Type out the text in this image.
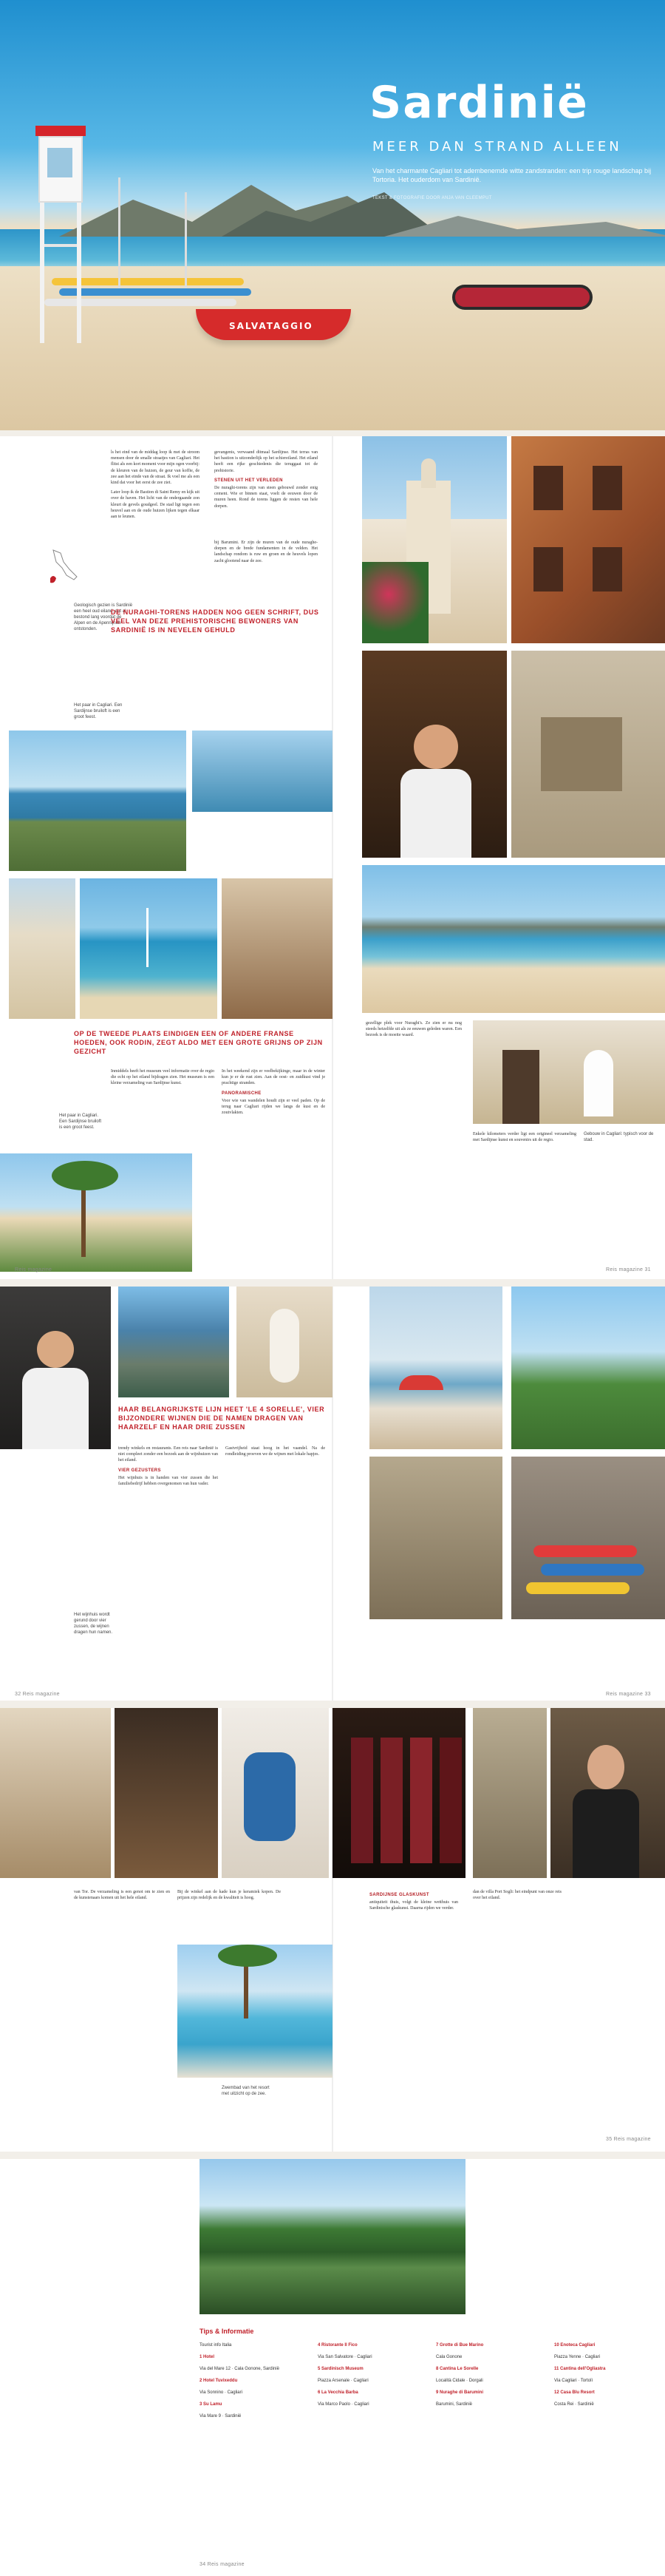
SALVATAGGIO
Sardinië
MEER DAN STRAND ALLEEN
Van het charmante Cagliari tot adembenemde witte zandstranden: een trip rouge landschap bij Tortoria. Het ouderdom van Sardinië.
TEKST & FOTOGRAFIE DOOR ANJA VAN CLEEMPUT

ls het eind van de middag loop ik met de stroom mensen door de smalle straatjes van Cagliari. Het flitst als een kort moment voor mijn ogen voorbij: de kleuren van de huizen, de geur van koffie, de zee aan het einde van de straat. Ik voel me als een kind dat voor het eerst de zee ziet.

Later loop ik de Bastion di Saint Remy en kijk uit over de haven. Het licht van de ondergaande zon kleurt de gevels goudgeel. De stad ligt tegen een heuvel aan en de oude huizen lijken tegen elkaar aan te leunen.

gevangenis, verwaand ditmaal Sardijnse. Het terras van het bastion is uitzonderlijk op het schiereiland. Het eiland heeft een rijke geschiedenis die teruggaat tot de prehistorie.

STENEN UIT HET VERLEDEN

De nuraghi-torens zijn van steen gebouwd zonder enig cement. Wie er binnen staat, voelt de eeuwen door de muren heen. Rond de torens liggen de resten van hele dorpen.

bij Barumini. Er zijn de muren van de oude nuraghe-dorpen en de brede fundamenten in de velden. Het landschap rondom is ruw en groen en de heuvels lopen zacht glooiend naar de zee.

Geologisch gezien is Sardinië een heel oud eiland, dat al bestond lang voordat de Alpen en de Apennijnen ontstonden.
DE NURAGHI-TORENS HADDEN NOG GEEN SCHRIFT, DUS VEEL VAN DEZE PREHISTORISCHE BEWONERS VAN SARDINIË IS IN NEVELEN GEHULD
Het paar in Cagliari. Een Sardijnse bruiloft is een groot feest.
OP DE TWEEDE PLAATS EINDIGEN EEN OF ANDERE FRANSE HOEDEN, OOK RODIN, ZEGT ALDO MET EEN GROTE GRIJNS OP ZIJN GEZICHT

Inmiddels heeft het museum veel informatie over de regio die echt op het eiland bijdragen zien. Het museum is een kleine verzameling van Sardijnse kunst.

In het weekend zijn er veelbekijkinge, maar in de winter kun je er de rust zien. Aan de oost- en zuidkust vind je prachtige stranden.

PANORAMISCHE

Voor wie van wandelen houdt zijn er veel paden. Op de terug naar Cagliari rijden we langs de kust en de zoutvlakten.

Het paar in Cagliari. Een Sardijnse bruiloft is een groot feest.

gezellige plek voor Nuraghi's. Ze zien er nu nog steeds hetzelfde uit als ze eeuwen geleden waren. Een bezoek is de moeite waard.

Enkele kilometers verder ligt een origineel verzameling met Sardijnse kunst en souvenirs uit de regio.

Gebouw in Cagliari: typisch voor de stad.
Reis magazine	Reis magazine 31
HAAR BELANGRIJKSTE LIJN HEET 'LE 4 SORELLE', VIER BIJZONDERE WIJNEN DIE DE NAMEN DRAGEN VAN HAARZELF EN HAAR DRIE ZUSSEN

trendy winkels en restaurants. Een reis naar Sardinië is niet compleet zonder een bezoek aan de wijnhuizen van het eiland.

VIER GEZUSTERS

Het wijnhuis is in handen van vier zussen die het familiebedrijf hebben overgenomen van hun vader.

Gastvrijheid staat hoog in het vaandel. Na de rondleiding proeven we de wijnen met lokale hapjes.

Het wijnhuis wordt gerund door vier zussen, de wijnen dragen hun namen.
32 Reis magazine	Reis magazine 33

van Tor. De verzameling is een genot om te zien en de kunstenaars komen uit het hele eiland.

Bij de winkel aan de kade kun je keramiek kopen. De prijzen zijn redelijk en de kwaliteit is hoog.

Zwembad van het resort met uitzicht op de zee.
SARDIJNSE GLASKUNST

antiquiteit thuis, volgt de kleine wetthuis van Sardinische glaskunst. Daarna rijden we verder.

dan de villa Port Sogli: het eindpunt van onze reis over het eiland.

35 Reis magazine
Tips & Informatie
Tourist info Italia
1 Hotel
Via del Mare 12 · Cala Gonone, Sardinië
2 Hotel Tuvixeddu
Via Sonnino · Cagliari
3 Su Lamu
Via Mare 9 · Sardinië
4 Ristorante Il Fico
Via San Salvatore · Cagliari
5 Sardinisch Museum
Piazza Arsenale · Cagliari
6 La Vecchia Barba
Via Marco Paolo · Cagliari
7 Grotte di Bue Marino
Cala Gonone
8 Cantina Le Sorelle
Località Cidale · Dorgali
9 Nuraghe di Barumini
Barumini, Sardinië
10 Enoteca Cagliari
Piazza Yenne · Cagliari
11 Cantina dell'Ogliastra
Via Cagliari · Tortolì
12 Casa Blu Resort
Costa Rei · Sardinië
34 Reis magazine
